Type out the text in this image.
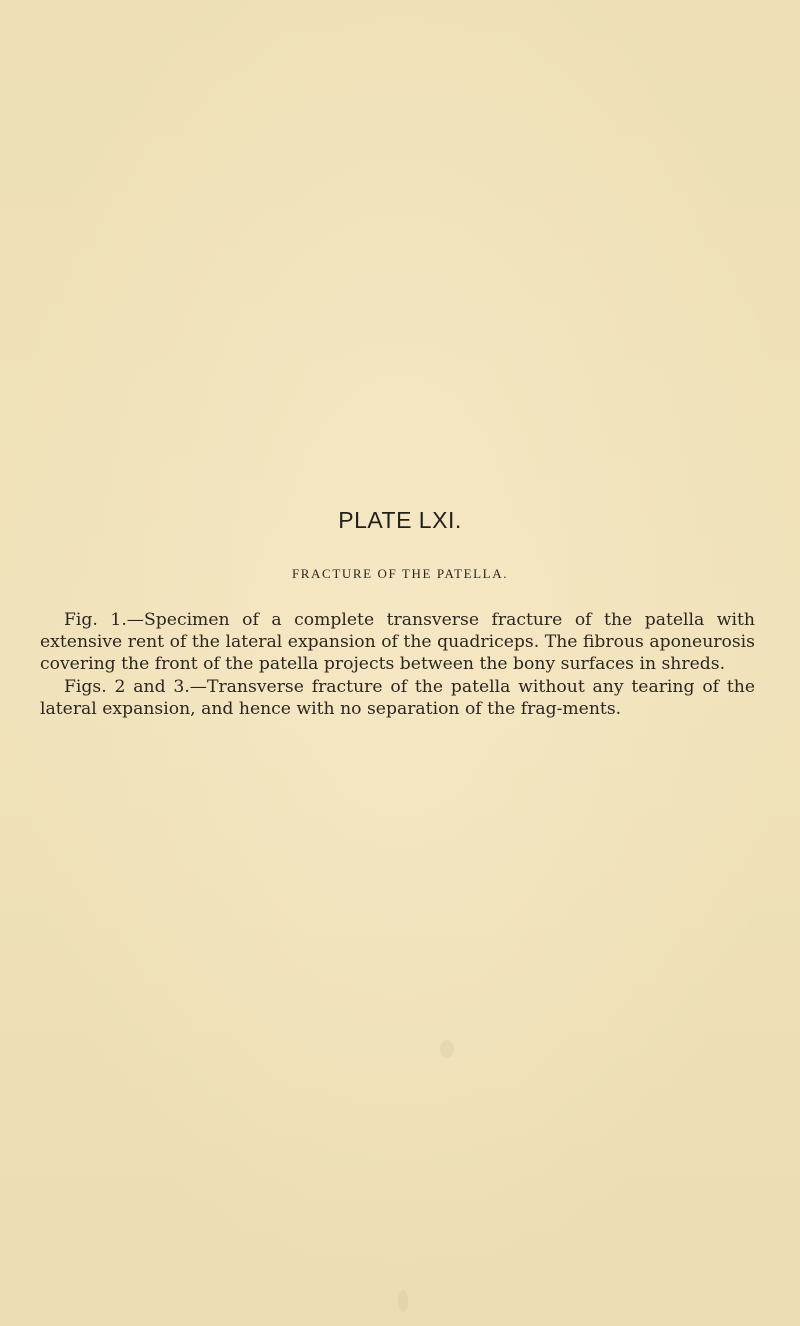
PLATE LXI.
FRACTURE OF THE PATELLA.

Fig. 1.—Specimen of a complete transverse fracture of the patella with extensive rent of the lateral expansion of the quadriceps. The fibrous aponeurosis covering the front of the patella projects between the bony surfaces in shreds.

Figs. 2 and 3.—Transverse fracture of the patella without any tearing of the lateral expansion, and hence with no separation of the frag-ments.
